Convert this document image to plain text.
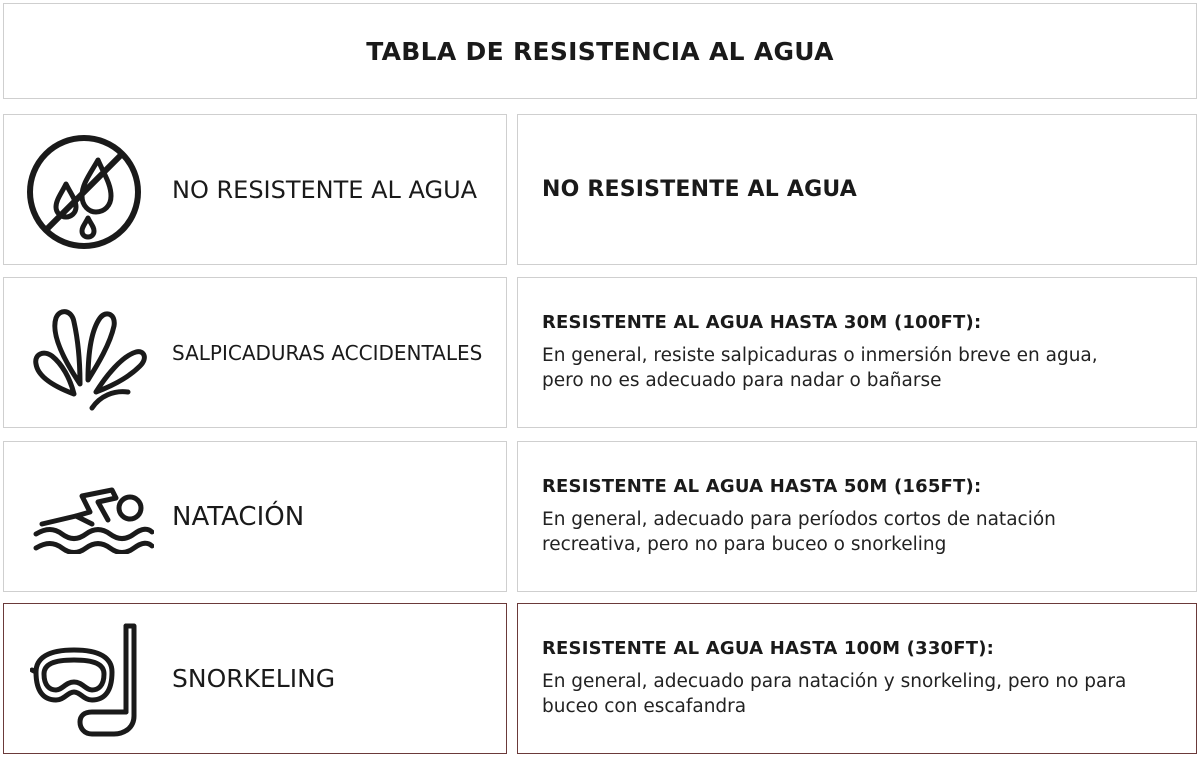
TABLA DE RESISTENCIA AL AGUA
NO RESISTENTE AL AGUA	NO RESISTENTE AL AGUA
SALPICADURAS ACCIDENTALES
RESISTENTE AL AGUA HASTA 30M (100FT):
En general, resiste salpicaduras o inmersión breve en agua,
pero no es adecuado para nadar o bañarse
NATACIÓN
RESISTENTE AL AGUA HASTA 50M (165FT):
En general, adecuado para períodos cortos de natación
recreativa, pero no para buceo o snorkeling
SNORKELING
RESISTENTE AL AGUA HASTA 100M (330FT):
En general, adecuado para natación y snorkeling, pero no para
buceo con escafandra
